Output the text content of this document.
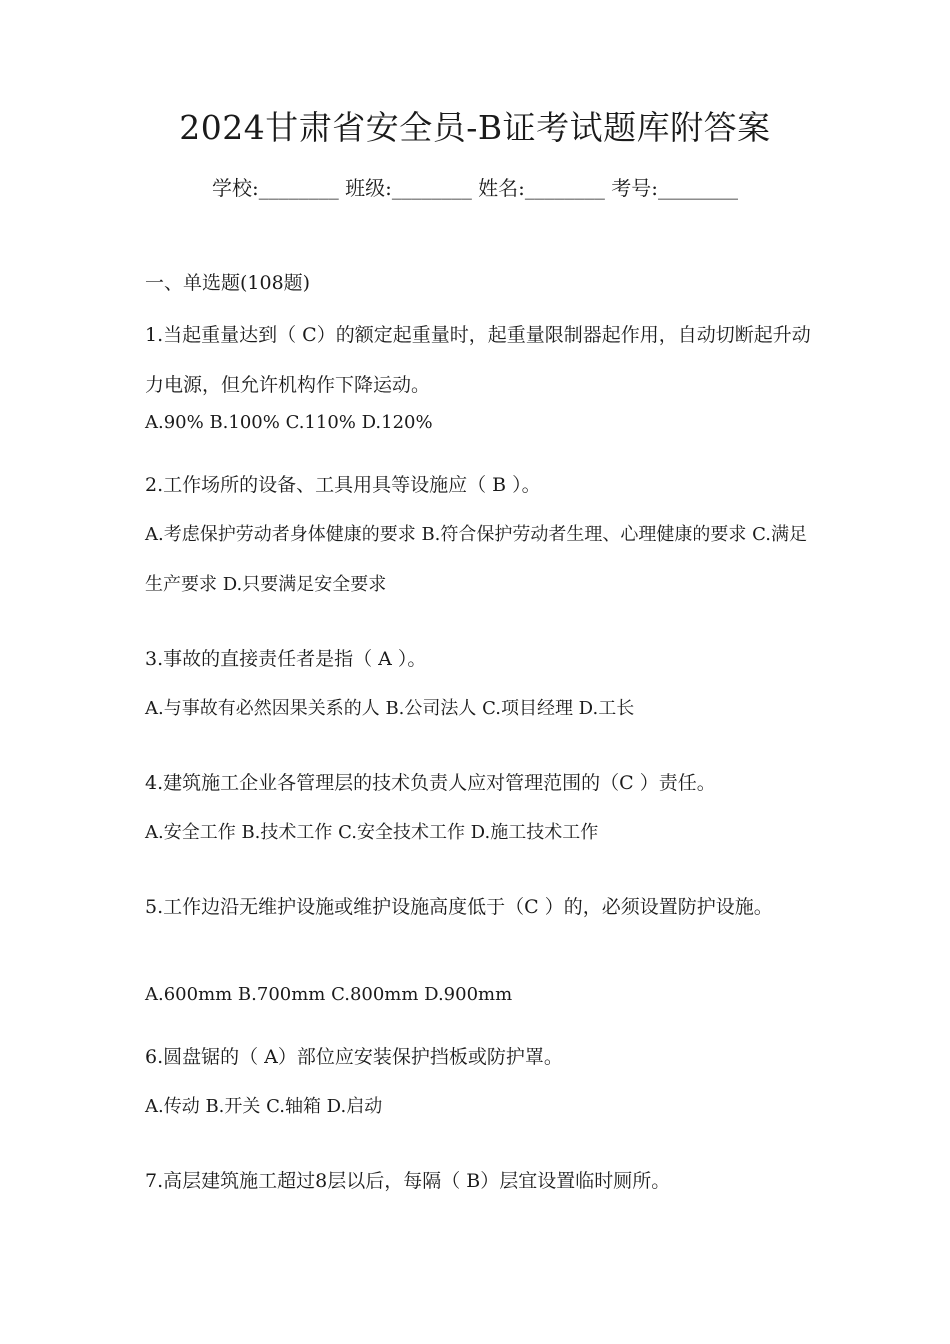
2024甘肃省安全员-B证考试题库附答案
学校:________ 班级:________ 姓名:________ 考号:________
一、单选题(108题)

1.当起重量达到（ C）的额定起重量时，起重量限制器起作用，自动切断起升动力电源，但允许机构作下降运动。

A.90% B.100% C.110% D.120%

2.工作场所的设备、工具用具等设施应（ B ）。

A.考虑保护劳动者身体健康的要求 B.符合保护劳动者生理、心理健康的要求 C.满足生产要求 D.只要满足安全要求

3.事故的直接责任者是指（ A ）。

A.与事故有必然因果关系的人 B.公司法人 C.项目经理 D.工长

4.建筑施工企业各管理层的技术负责人应对管理范围的（C ）责任。

A.安全工作 B.技术工作 C.安全技术工作 D.施工技术工作

5.工作边沿无维护设施或维护设施高度低于（C ）的，必须设置防护设施。

A.600mm B.700mm C.800mm D.900mm

6.圆盘锯的（ A）部位应安装保护挡板或防护罩。

A.传动 B.开关 C.轴箱 D.启动

7.高层建筑施工超过8层以后，每隔（ B）层宜设置临时厕所。
